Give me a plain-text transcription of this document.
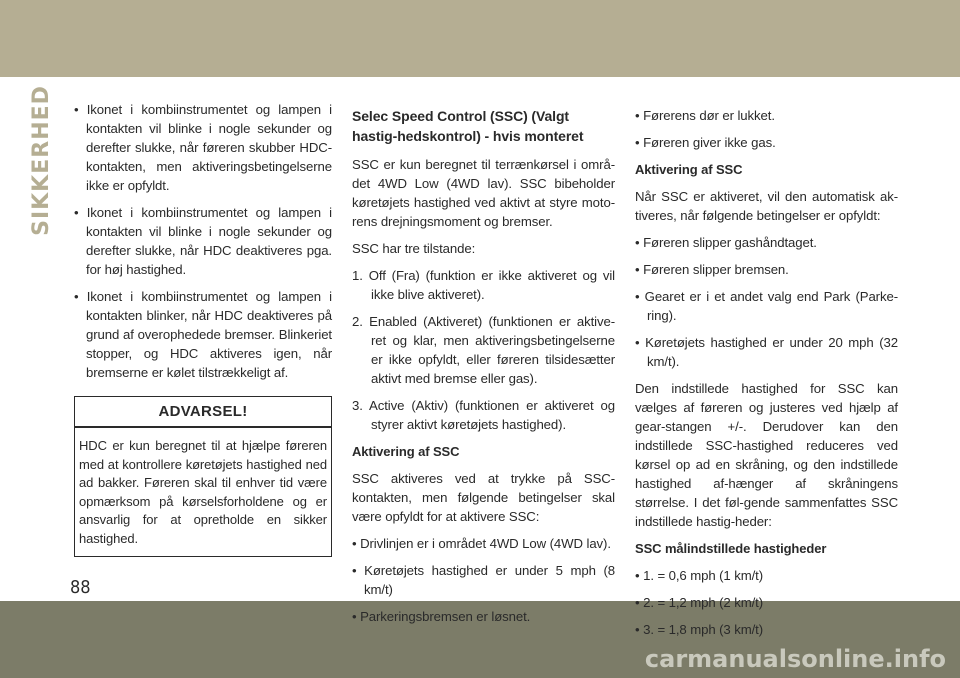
SIKKERHED • Ikonet i kombiinstrumentet og lampen i kontakten vil blinke i nogle sekunder og derefter slukke, når føreren skubber HDC-kontakten, men aktiveringsbetingelserne ikke er opfyldt.

• Ikonet i kombiinstrumentet og lampen i kontakten vil blinke i nogle sekunder og derefter slukke, når HDC deaktiveres pga. for høj hastighed.

• Ikonet i kombiinstrumentet og lampen i kontakten blinker, når HDC deaktiveres på grund af overophedede bremser. Blinkeriet stopper, og HDC aktiveres igen, når bremserne er kølet tilstrækkeligt af.

ADVARSEL!
HDC er kun beregnet til at hjælpe føreren med at kontrollere køretøjets hastighed ned ad bakker. Føreren skal til enhver tid være opmærksom på kørselsforholdene og er ansvarlig for at opretholde en sikker hastighed.
Selec Speed Control (SSC) (Valgt hastig-hedskontrol) - hvis monteret

SSC er kun beregnet til terrænkørsel i områ-det 4WD Low (4WD lav). SSC bibeholder køretøjets hastighed ved aktivt at styre moto-rens drejningsmoment og bremser.

SSC har tre tilstande:

1. Off (Fra) (funktion er ikke aktiveret og vil ikke blive aktiveret).

2. Enabled (Aktiveret) (funktionen er aktive-ret og klar, men aktiveringsbetingelserne er ikke opfyldt, eller føreren tilsidesætter aktivt med bremse eller gas).

3. Active (Aktiv) (funktionen er aktiveret og styrer aktivt køretøjets hastighed).

Aktivering af SSC

SSC aktiveres ved at trykke på SSC-kontakten, men følgende betingelser skal være opfyldt for at aktivere SSC:

• Drivlinjen er i området 4WD Low (4WD lav).

• Køretøjets hastighed er under 5 mph (8 km/t)

• Parkeringsbremsen er løsnet.

• Førerens dør er lukket.

• Føreren giver ikke gas.

Aktivering af SSC

Når SSC er aktiveret, vil den automatisk ak-tiveres, når følgende betingelser er opfyldt:

• Føreren slipper gashåndtaget.

• Føreren slipper bremsen.

• Gearet er i et andet valg end Park (Parke-ring).

• Køretøjets hastighed er under 20 mph (32 km/t).

Den indstillede hastighed for SSC kan vælges af føreren og justeres ved hjælp af gear-stangen +/-. Derudover kan den indstillede SSC-hastighed reduceres ved kørsel op ad en skråning, og den indstillede hastighed af-hænger af skråningens størrelse. I det føl-gende sammenfattes SSC indstillede hastig-heder:

SSC målindstillede hastigheder

• 1. = 0,6 mph (1 km/t)

• 2. = 1,2 mph (2 km/t)

• 3. = 1,8 mph (3 km/t)

88
carmanualsonline.info
